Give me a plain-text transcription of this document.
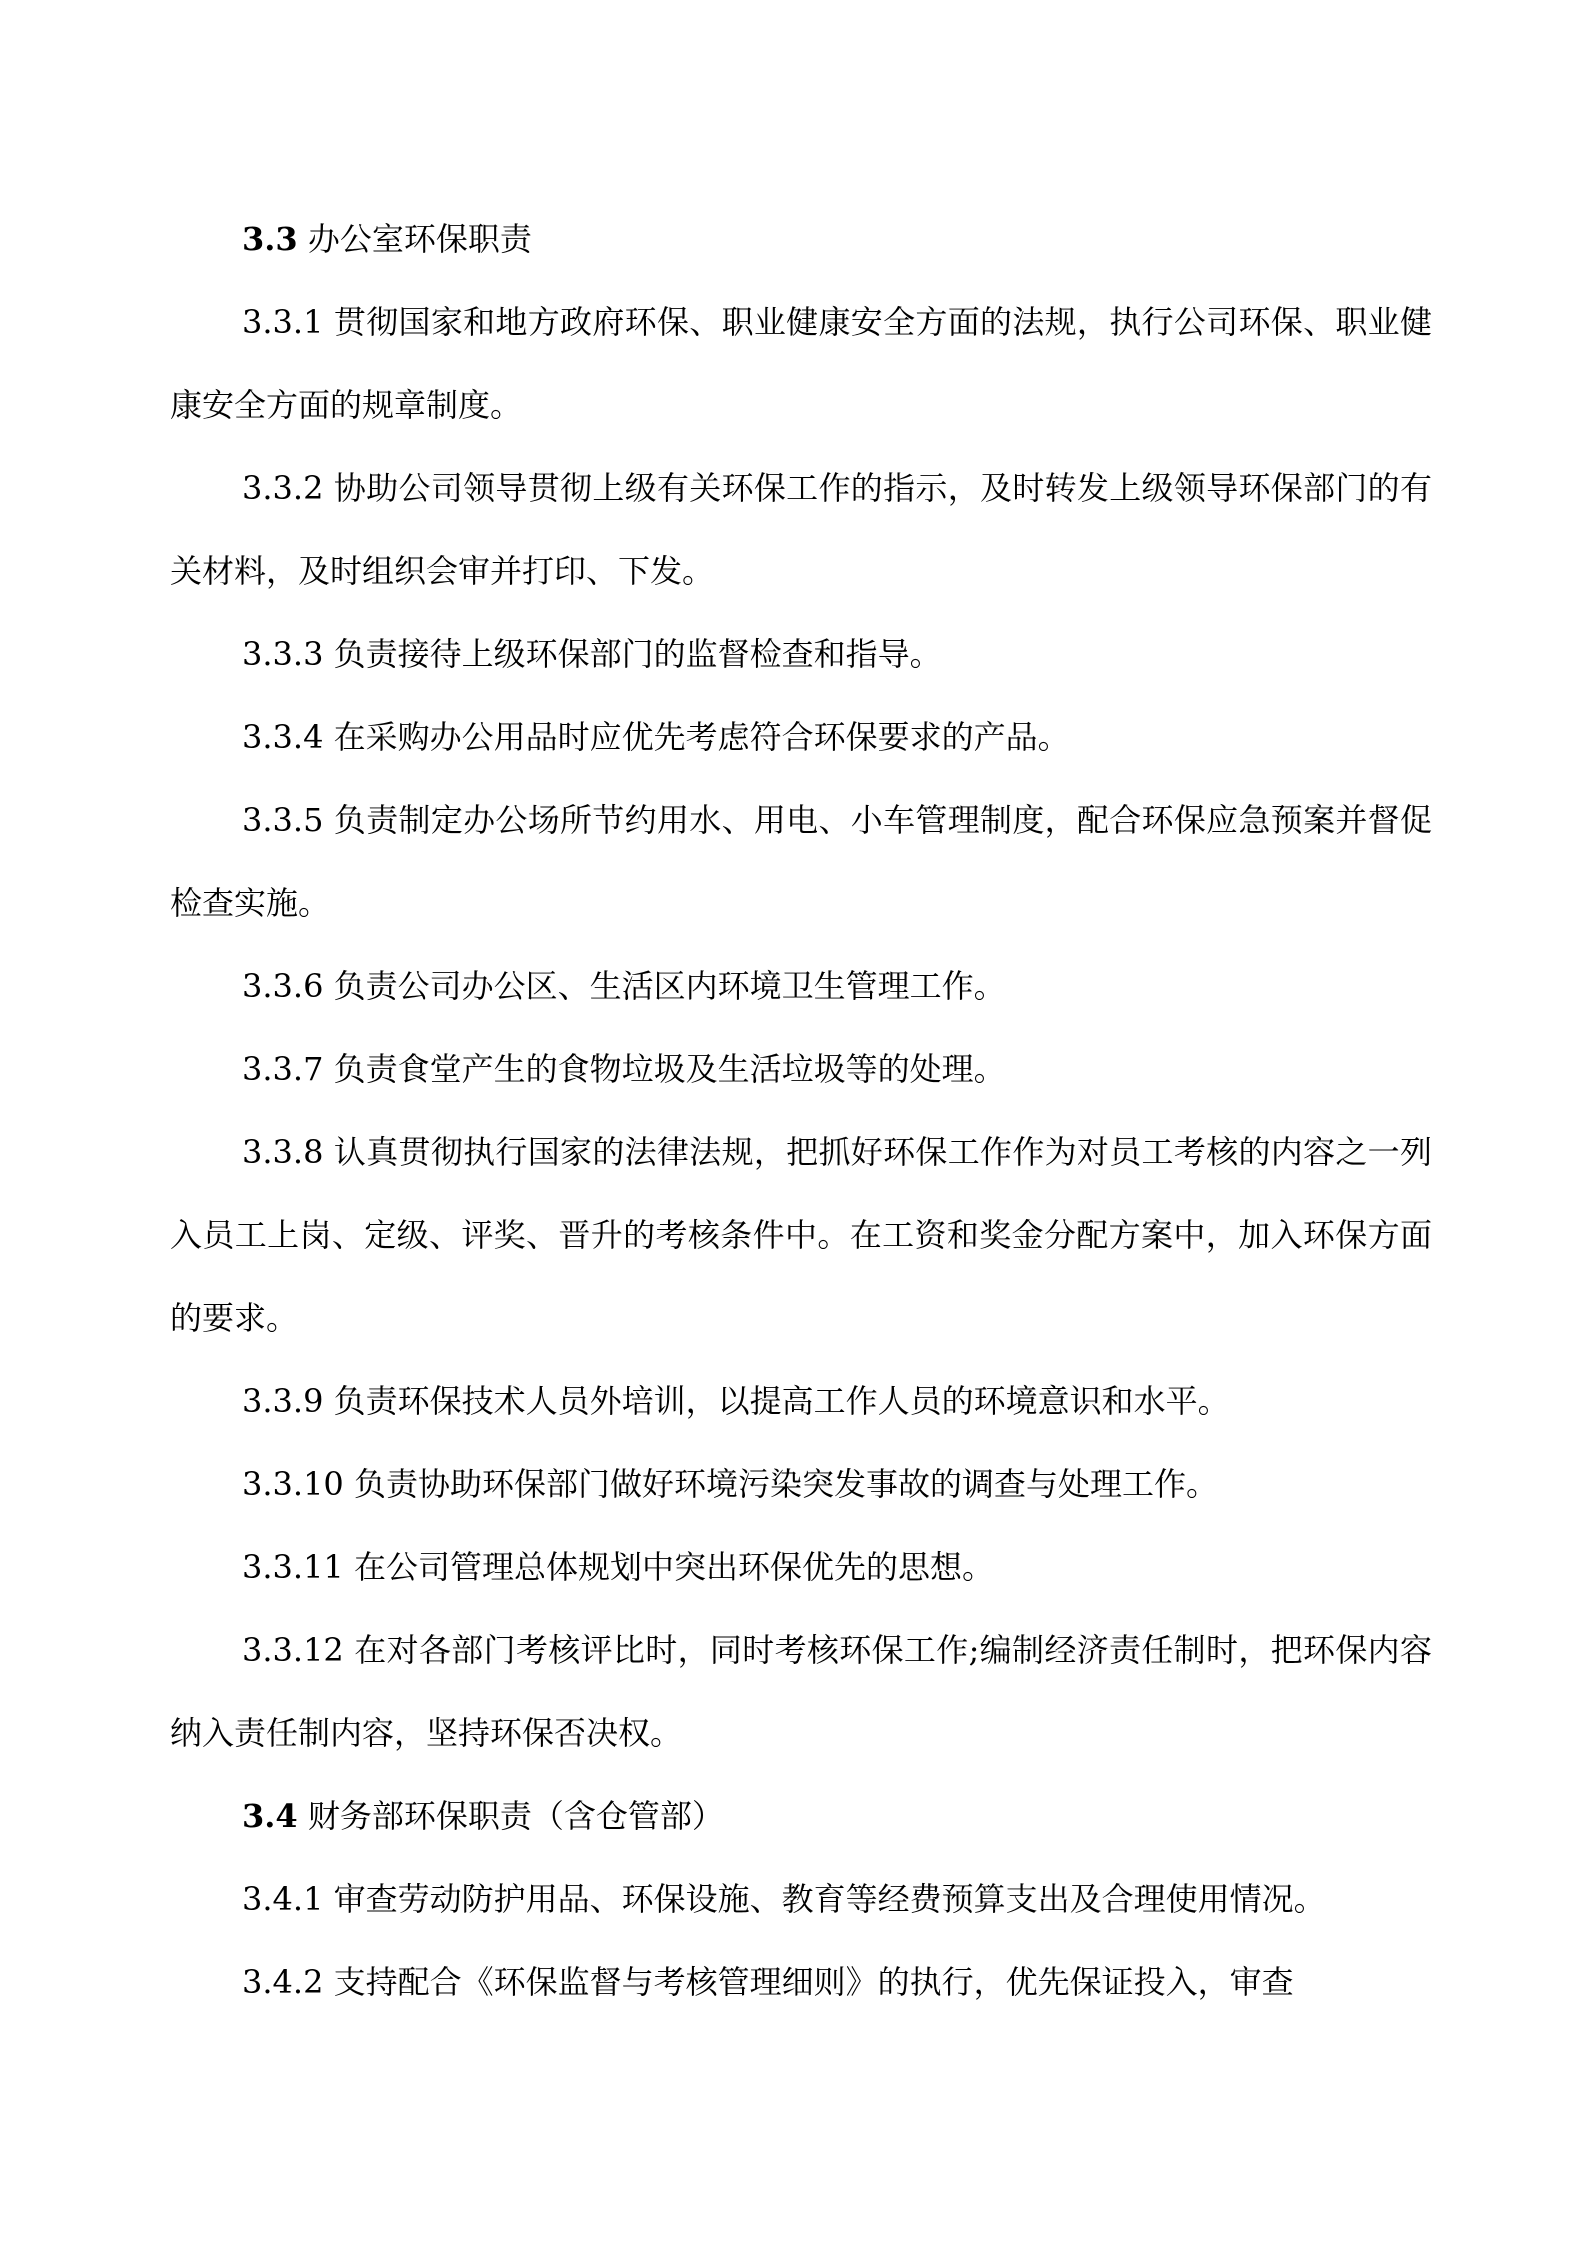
3.3 办公室环保职责

3.3.1 贯彻国家和地方政府环保、职业健康安全方面的法规，执行公司环保、职业健康安全方面的规章制度。

3.3.2 协助公司领导贯彻上级有关环保工作的指示，及时转发上级领导环保部门的有关材料，及时组织会审并打印、下发。

3.3.3 负责接待上级环保部门的监督检查和指导。

3.3.4 在采购办公用品时应优先考虑符合环保要求的产品。

3.3.5 负责制定办公场所节约用水、用电、小车管理制度，配合环保应急预案并督促检查实施。

3.3.6 负责公司办公区、生活区内环境卫生管理工作。

3.3.7 负责食堂产生的食物垃圾及生活垃圾等的处理。

3.3.8 认真贯彻执行国家的法律法规，把抓好环保工作作为对员工考核的内容之一列入员工上岗、定级、评奖、晋升的考核条件中。在工资和奖金分配方案中，加入环保方面的要求。

3.3.9 负责环保技术人员外培训，以提高工作人员的环境意识和水平。

3.3.10 负责协助环保部门做好环境污染突发事故的调查与处理工作。

3.3.11 在公司管理总体规划中突出环保优先的思想。

3.3.12 在对各部门考核评比时，同时考核环保工作;编制经济责任制时，把环保内容纳入责任制内容，坚持环保否决权。

3.4 财务部环保职责（含仓管部）

3.4.1 审查劳动防护用品、环保设施、教育等经费预算支出及合理使用情况。

3.4.2 支持配合《环保监督与考核管理细则》的执行，优先保证投入，审查
